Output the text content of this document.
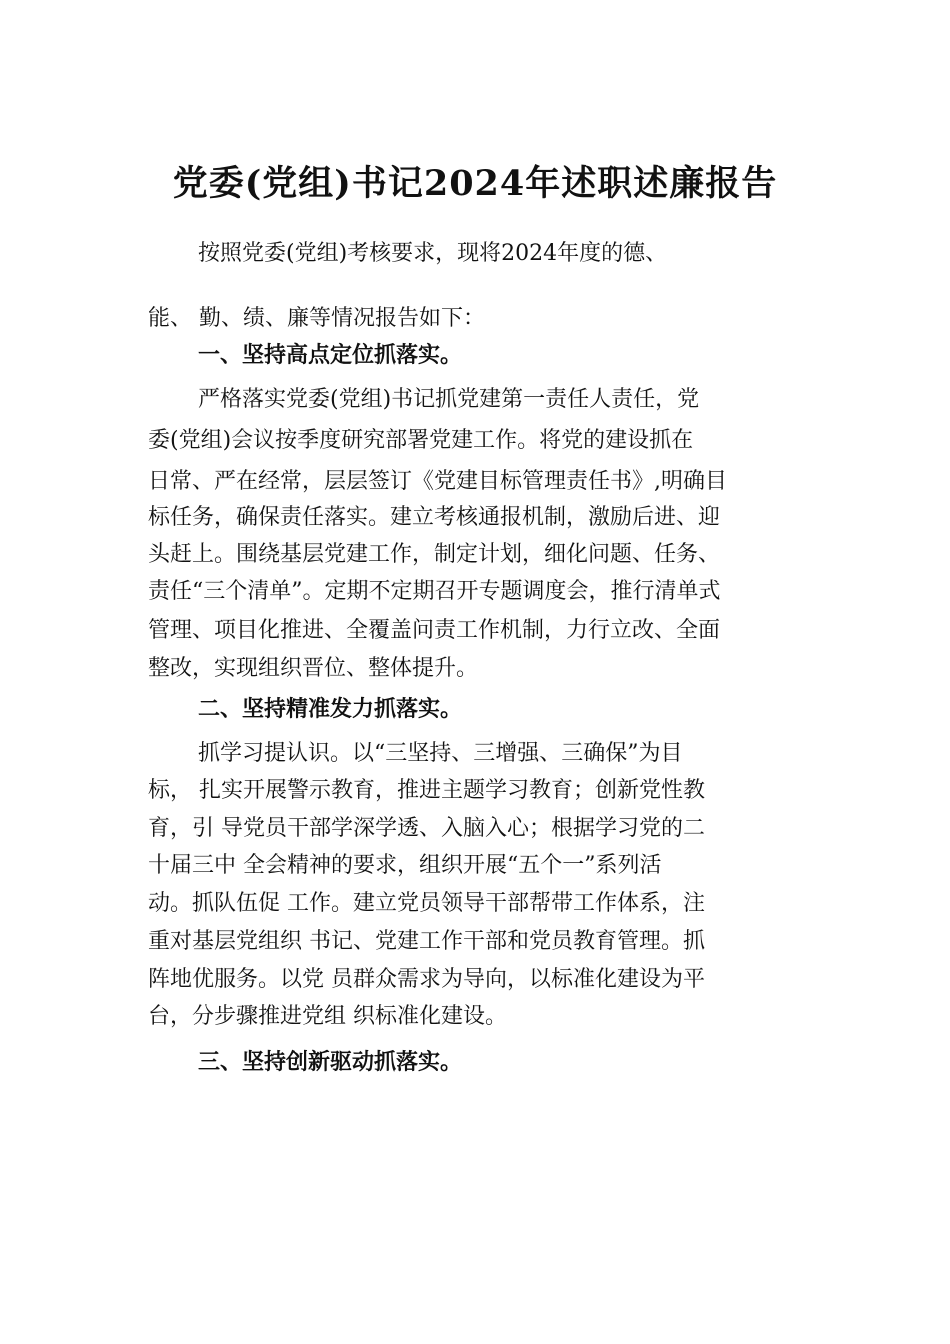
党委(党组)书记2024年述职述廉报告
按照党委(党组)考核要求，现将2024年度的德、
能、 勤、绩、廉等情况报告如下：
一、坚持高点定位抓落实。
严格落实党委(党组)书记抓党建第一责任人责任，党
委(党组)会议按季度研究部署党建工作。将党的建设抓在
日常、严在经常，层层签订《党建目标管理责任书》,明确目
标任务，确保责任落实。建立考核通报机制，激励后进、迎
头赶上。围绕基层党建工作，制定计划，细化问题、任务、
责任“三个清单”。定期不定期召开专题调度会，推行清单式
管理、项目化推进、全覆盖问责工作机制，力行立改、全面
整改，实现组织晋位、整体提升。
二、坚持精准发力抓落实。
抓学习提认识。以“三坚持、三增强、三确保”为目
标， 扎实开展警示教育，推进主题学习教育；创新党性教
育，引 导党员干部学深学透、入脑入心；根据学习党的二
十届三中 全会精神的要求，组织开展“五个一”系列活
动。抓队伍促 工作。建立党员领导干部帮带工作体系，注
重对基层党组织 书记、党建工作干部和党员教育管理。抓
阵地优服务。以党 员群众需求为导向，以标准化建设为平
台，分步骤推进党组 织标准化建设。
三、坚持创新驱动抓落实。
